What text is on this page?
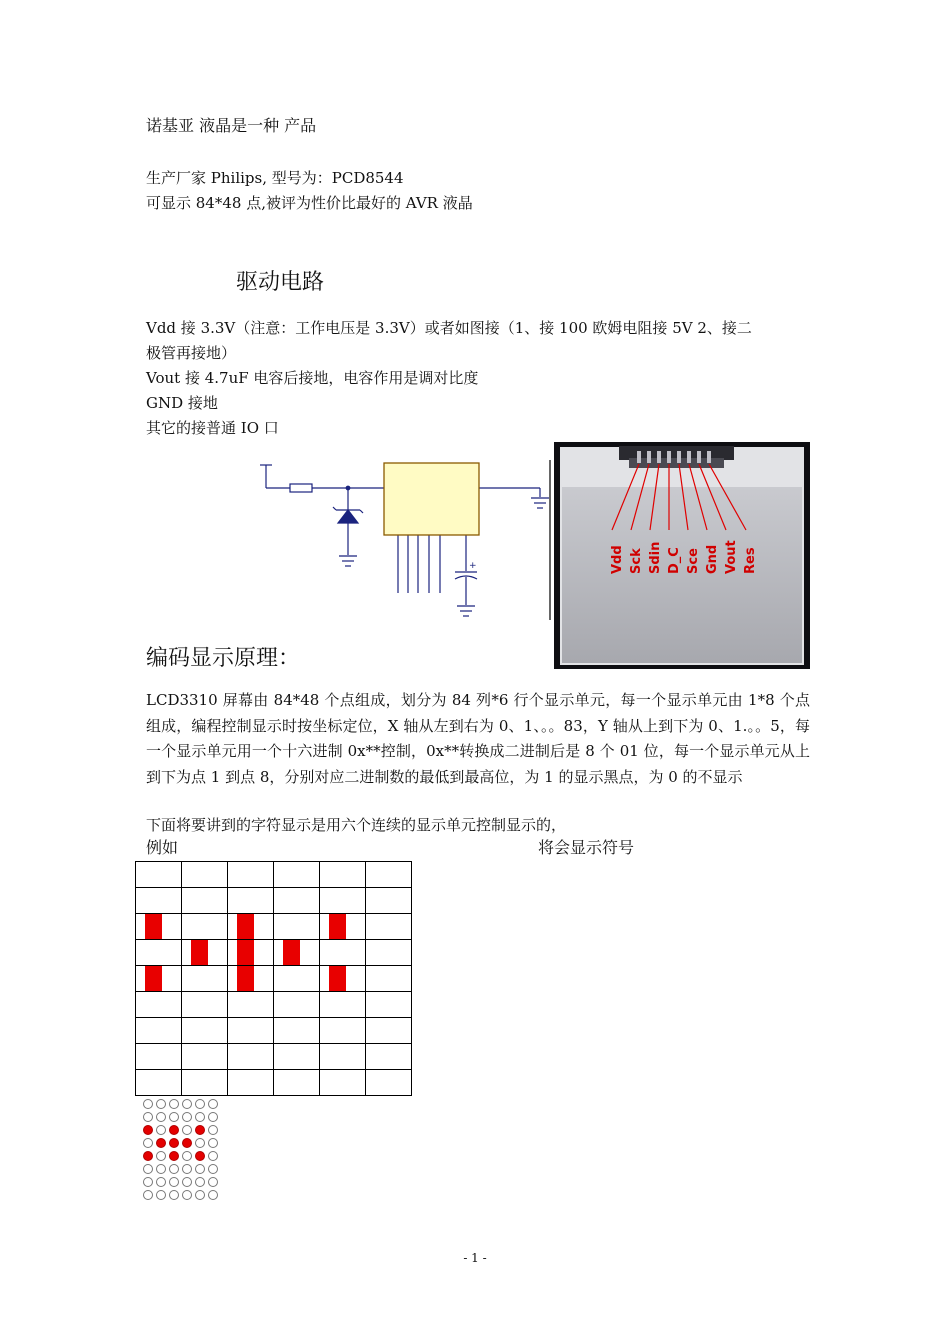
诺基亚 液晶是一种 产品
生产厂家 Philips, 型号为：PCD8544
可显示 84*48 点,被评为性价比最好的 AVR 液晶
驱动电路
Vdd 接 3.3V（注意：工作电压是 3.3V）或者如图接（1、接 100 欧姆电阻接 5V 2、接二
极管再接地）
Vout 接 4.7uF 电容后接地，电容作用是调对比度
GND 接地
其它的接普通 IO 口
+	Vdd Sck Sdin D_C Sce Gnd Vout Res
编码显示原理：
LCD3310 屏幕由 84*48 个点组成，划分为 84 列*6 行个显示单元，每一个显示单元由 1*8 个点组成，编程控制显示时按坐标定位，X 轴从左到右为 0、1、。。83，Y 轴从上到下为 0、1.。。5，每一个显示单元用一个十六进制 0x**控制，0x**转换成二进制后是 8 个 01 位，每一个显示单元从上到下为点 1 到点 8，分别对应二进制数的最低到最高位，为 1 的显示黑点，为 0 的不显示
下面将要讲到的字符显示是用六个连续的显示单元控制显示的，
例如	将会显示符号

- 1 -
